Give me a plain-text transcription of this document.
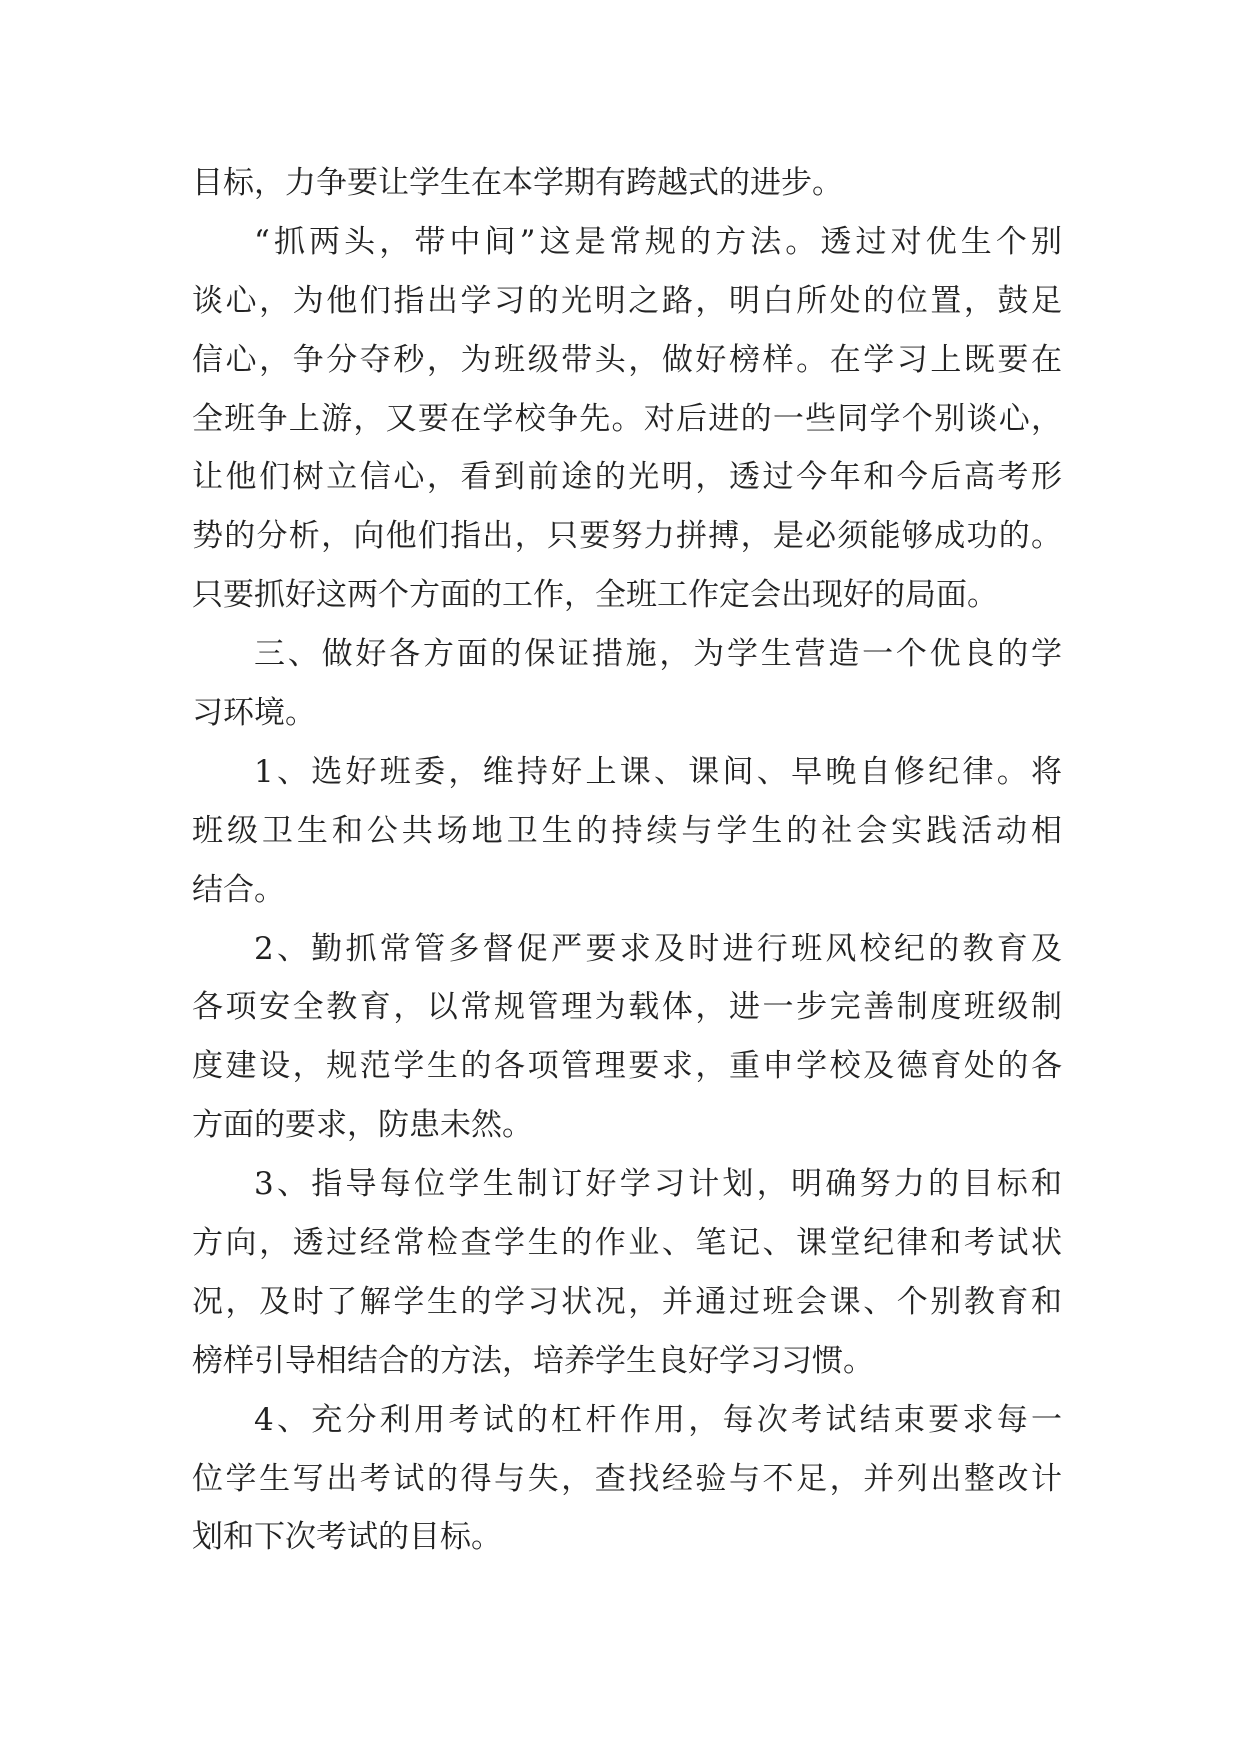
目标，力争要让学生在本学期有跨越式的进步。
“抓两头，带中间”这是常规的方法。透过对优生个别
谈心，为他们指出学习的光明之路，明白所处的位置，鼓足
信心，争分夺秒，为班级带头，做好榜样。在学习上既要在
全班争上游，又要在学校争先。对后进的一些同学个别谈心，
让他们树立信心，看到前途的光明，透过今年和今后高考形
势的分析，向他们指出，只要努力拼搏，是必须能够成功的。
只要抓好这两个方面的工作，全班工作定会出现好的局面。
三、做好各方面的保证措施，为学生营造一个优良的学
习环境。
1、选好班委，维持好上课、课间、早晚自修纪律。将
班级卫生和公共场地卫生的持续与学生的社会实践活动相
结合。
2、勤抓常管多督促严要求及时进行班风校纪的教育及
各项安全教育，以常规管理为载体，进一步完善制度班级制
度建设，规范学生的各项管理要求，重申学校及德育处的各
方面的要求，防患未然。
3、指导每位学生制订好学习计划，明确努力的目标和
方向，透过经常检查学生的作业、笔记、课堂纪律和考试状
况，及时了解学生的学习状况，并通过班会课、个别教育和
榜样引导相结合的方法，培养学生良好学习习惯。
4、充分利用考试的杠杆作用，每次考试结束要求每一
位学生写出考试的得与失，查找经验与不足，并列出整改计
划和下次考试的目标。
